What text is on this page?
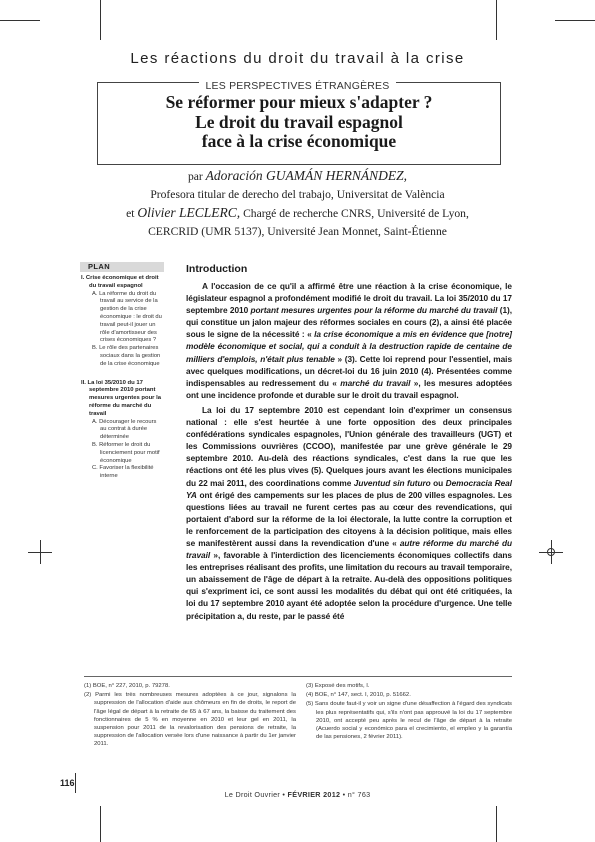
Les réactions du droit du travail à la crise
LES PERSPECTIVES ÉTRANGÈRES
Se réformer pour mieux s'adapter ?
Le droit du travail espagnol
face à la crise économique
par Adoración GUAMÁN HERNÁNDEZ,
Profesora titular de derecho del trabajo, Universitat de València
et Olivier LECLERC, Chargé de recherche CNRS, Université de Lyon,
CERCRID (UMR 5137), Université Jean Monnet, Saint-Étienne
PLAN
I. Crise économique et droit du travail espagnol
A. La réforme du droit du travail au service de la gestion de la crise économique : le droit du travail peut-il jouer un rôle d'amortisseur des crises économiques ?
B. Le rôle des partenaires sociaux dans la gestion de la crise économique
II. La loi 35/2010 du 17 septembre 2010 portant mesures urgentes pour la réforme du marché du travail
A. Décourager le recours au contrat à durée déterminée
B. Réformer le droit du licenciement pour motif économique
C. Favoriser la flexibilité interne
Introduction

A l'occasion de ce qu'il a affirmé être une réaction à la crise économique, le législateur espagnol a profondément modifié le droit du travail. La loi 35/2010 du 17 septembre 2010 portant mesures urgentes pour la réforme du marché du travail (1), qui constitue un jalon majeur des réformes sociales en cours (2), a ainsi été placée sous le signe de la nécessité : « la crise économique a mis en évidence que [notre] modèle économique et social, qui a conduit à la destruction rapide de centaine de milliers d'emplois, n'était plus tenable » (3). Cette loi reprend pour l'essentiel, mais avec quelques modifications, un décret-loi du 16 juin 2010 (4). Présentées comme indispensables au redressement du « marché du travail », les mesures adoptées ont une incidence profonde et durable sur le droit du travail espagnol.

La loi du 17 septembre 2010 est cependant loin d'exprimer un consensus national : elle s'est heurtée à une forte opposition des deux principales confédérations syndicales espagnoles, l'Union générale des travailleurs (UGT) et les Commissions ouvrières (CCOO), manifestée par une grève générale le 29 septembre 2010. Au-delà des réactions syndicales, c'est dans la rue que les réactions ont été les plus vives (5). Quelques jours avant les élections municipales du 22 mai 2011, des coordinations comme Juventud sin futuro ou Democracia Real YA ont érigé des campements sur les places de plus de 200 villes espagnoles. Les questions liées au travail ne furent certes pas au cœur des revendications, qui portaient d'abord sur la réforme de la loi électorale, la lutte contre la corruption et le renforcement de la participation des citoyens à la décision politique, mais elles se manifestèrent aussi dans la revendication d'une « autre réforme du marché du travail », favorable à l'interdiction des licenciements économiques collectifs dans les entreprises réalisant des profits, une limitation du recours au travail temporaire, un abaissement de l'âge de départ à la retraite. Au-delà des oppositions politiques qui s'expriment ici, ce sont aussi les modalités du débat qui ont été critiquées, la loi du 17 septembre 2010 ayant été adoptée selon la procédure d'urgence. Une telle précipitation a, du reste, par le passé été

(1) BOE, n° 227, 2010, p. 79278.
(2) Parmi les très nombreuses mesures adoptées à ce jour, signalons la suppression de l'allocation d'aide aux chômeurs en fin de droits, le report de l'âge légal de départ à la retraite de 65 à 67 ans, la baisse du traitement des fonctionnaires de 5 % en moyenne en 2010 et leur gel en 2011, la suspension pour 2011 de la revalorisation des pensions de retraite, la suppression de l'allocation versée lors d'une naissance à partir du 1er janvier 2011.
(3) Exposé des motifs, I.
(4) BOE, n° 147, sect. I, 2010, p. 51662.
(5) Sans doute faut-il y voir un signe d'une désaffection à l'égard des syndicats les plus représentatifs qui, s'ils n'ont pas approuvé la loi du 17 septembre 2010, ont accepté peu après le recul de l'âge de départ à la retraite (Acuerdo social y económico para el crecimiento, el empleo y la garantía de las pensiones, 2 février 2011).
116
Le Droit Ouvrier • FÉVRIER 2012 • n° 763
